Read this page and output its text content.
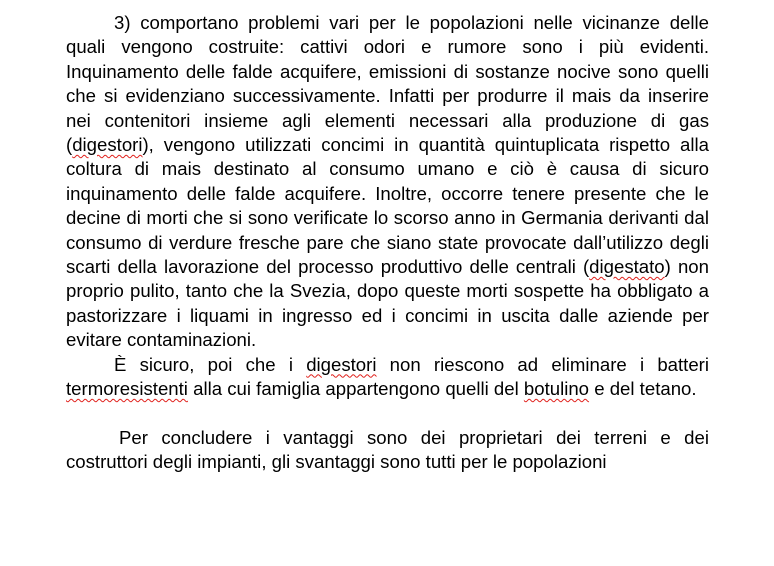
3) comportano problemi vari per le popolazioni nelle vicinanze delle quali vengono costruite: cattivi odori e rumore sono i più evidenti. Inquinamento delle falde acquifere, emissioni di sostanze nocive sono quelli che si evidenziano successivamente. Infatti per produrre il mais da inserire nei contenitori insieme agli elementi necessari alla produzione di gas (digestori), vengono utilizzati concimi in quantità quintuplicata rispetto alla coltura di mais destinato al consumo umano e ciò è causa di sicuro inquinamento delle falde acquifere. Inoltre, occorre tenere presente che le decine di morti che si sono verificate lo scorso anno in Germania derivanti dal consumo di verdure fresche pare che siano state provocate dall’utilizzo degli scarti della lavorazione del processo produttivo delle centrali (digestato) non proprio pulito, tanto che la Svezia, dopo queste morti sospette ha obbligato a pastorizzare i liquami in ingresso ed i concimi in uscita dalle aziende per evitare contaminazioni.

È sicuro, poi che i digestori non riescono ad eliminare i batteri termoresistenti alla cui famiglia appartengono quelli del botulino e del tetano.

Per concludere i vantaggi sono dei proprietari dei terreni e dei costruttori degli impianti, gli svantaggi sono tutti per le popolazioni
